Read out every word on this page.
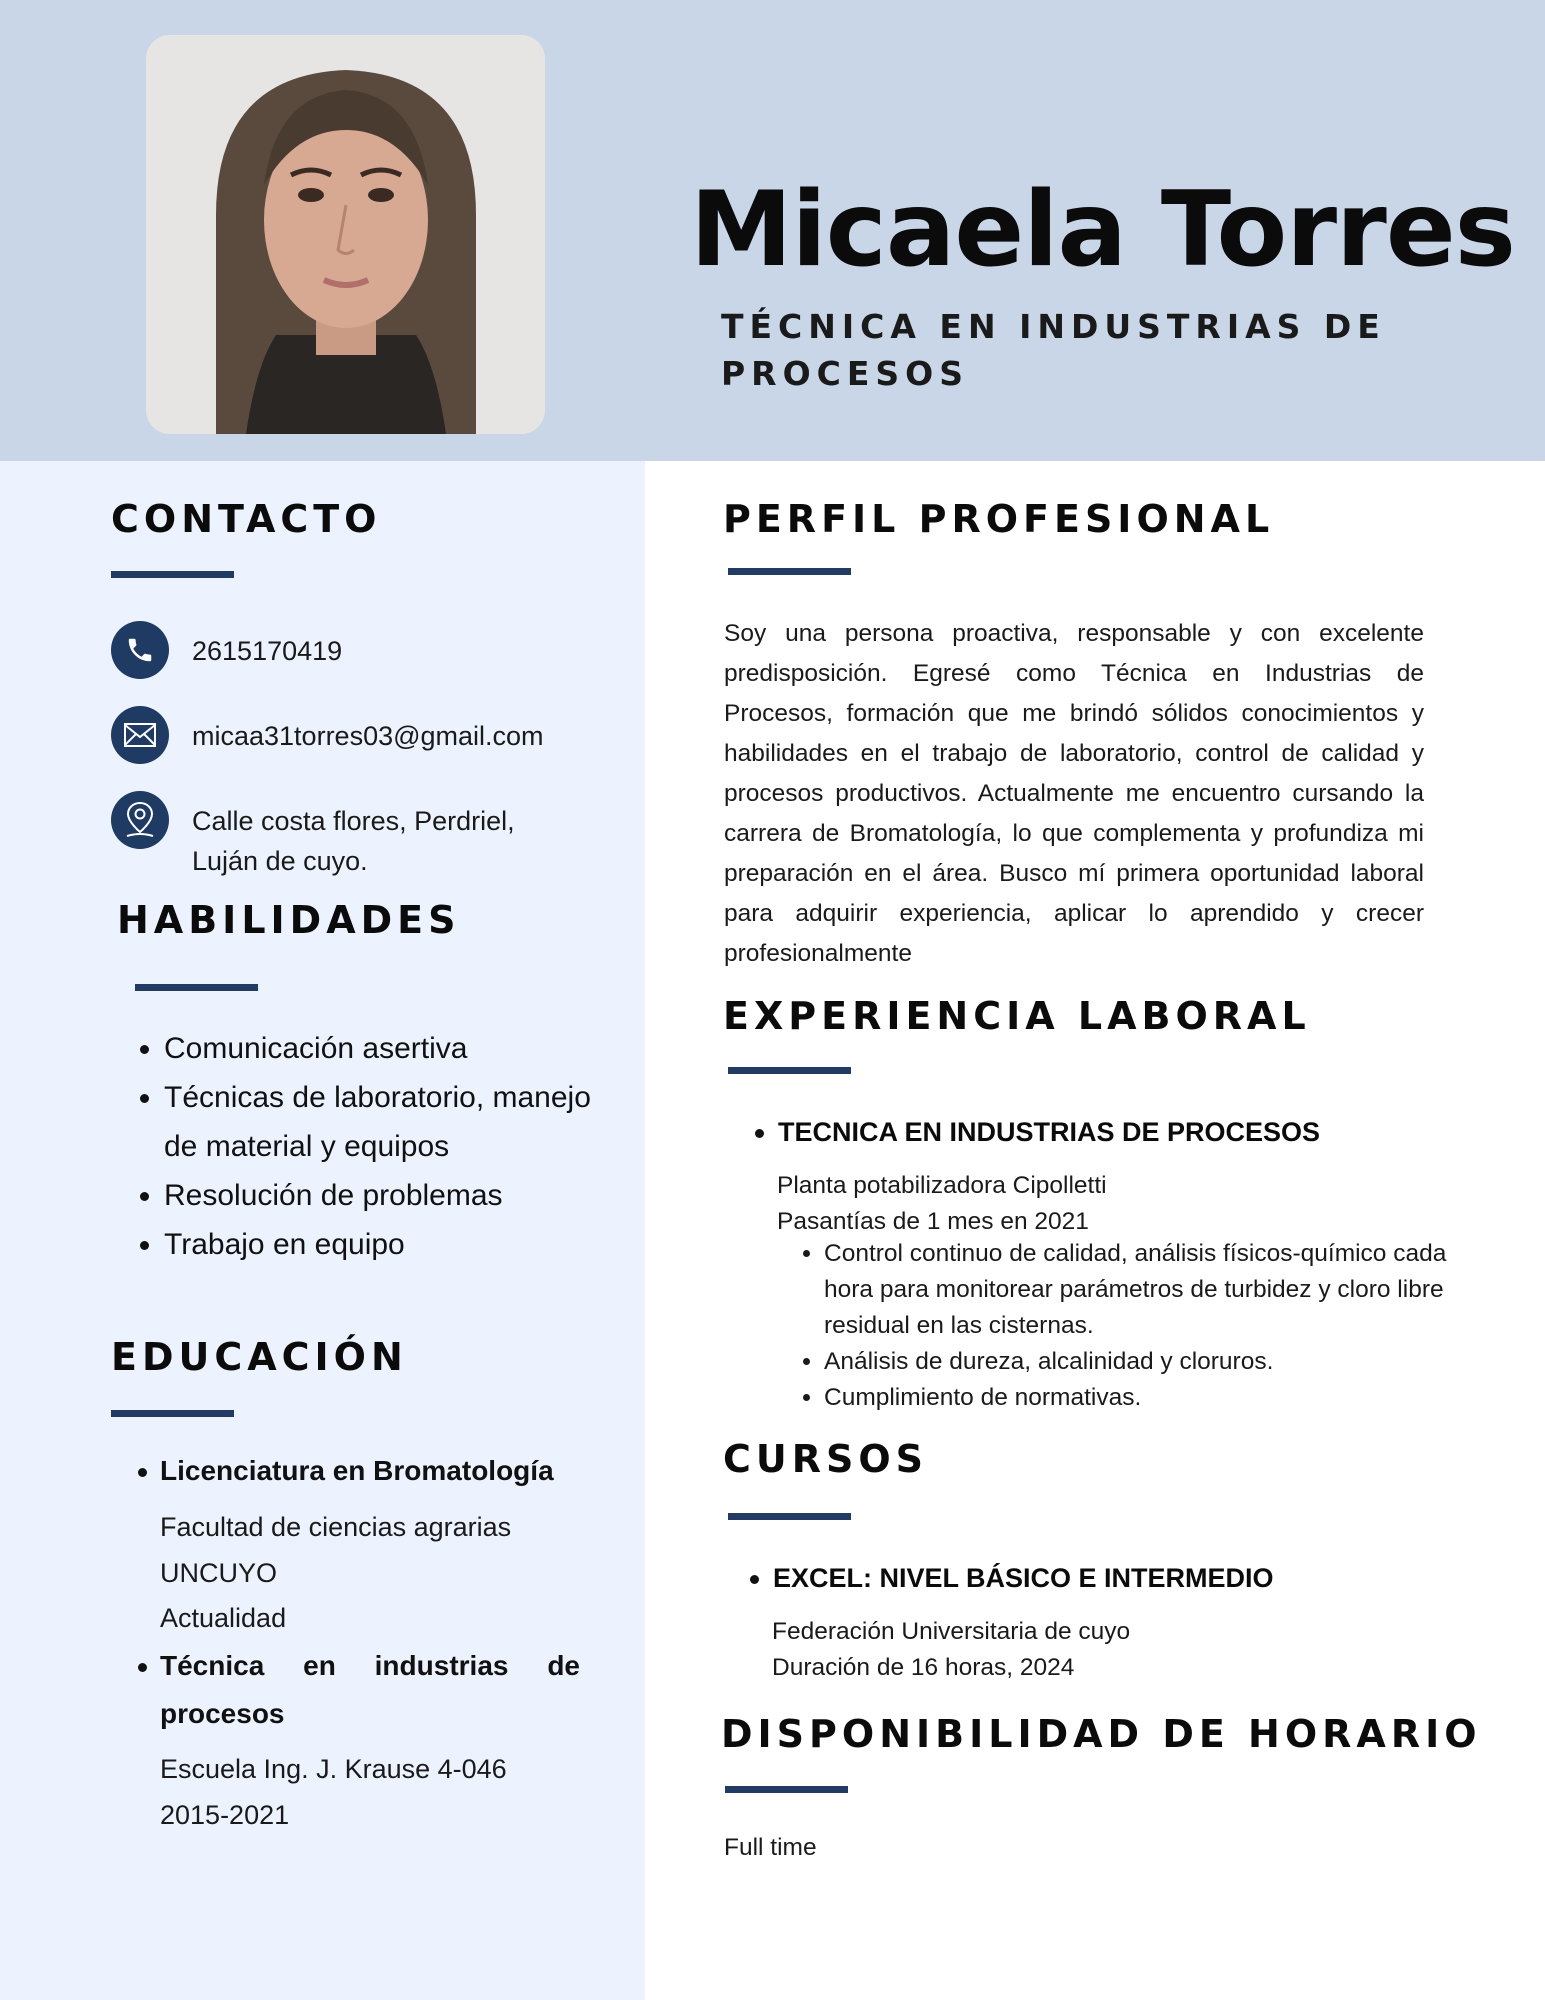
Micaela Torres
TÉCNICA EN INDUSTRIAS DE PROCESOS
CONTACTO
2615170419
micaa31torres03@gmail.com
Calle costa flores, Perdriel,
Luján de cuyo.
HABILIDADES
• Comunicación asertiva
• Técnicas de laboratorio, manejo de material y equipos
• Resolución de problemas
• Trabajo en equipo
EDUCACIÓN
Licenciatura en Bromatología
Facultad de ciencias agrarias
UNCUYO
Actualidad
Técnica en industrias de
procesos
Escuela Ing. J. Krause 4-046
2015-2021
PERFIL PROFESIONAL
Soy una persona proactiva, responsable y con excelente predisposición. Egresé como Técnica en Industrias de Procesos, formación que me brindó sólidos conocimientos y habilidades en el trabajo de laboratorio, control de calidad y procesos productivos. Actualmente me encuentro cursando la carrera de Bromatología, lo que complementa y profundiza mi preparación en el área. Busco mí primera oportunidad laboral para adquirir experiencia, aplicar lo aprendido y crecer profesionalmente
EXPERIENCIA LABORAL
TECNICA EN INDUSTRIAS DE PROCESOS
Planta potabilizadora Cipolletti
Pasantías de 1 mes en 2021
• Control continuo de calidad, análisis físicos-químico cada hora para monitorear parámetros de turbidez y cloro libre residual en las cisternas.
• Análisis de dureza, alcalinidad y cloruros.
• Cumplimiento de normativas.
CURSOS
EXCEL: NIVEL BÁSICO E INTERMEDIO
Federación Universitaria de cuyo
Duración de 16 horas, 2024
DISPONIBILIDAD DE HORARIO
Full time
